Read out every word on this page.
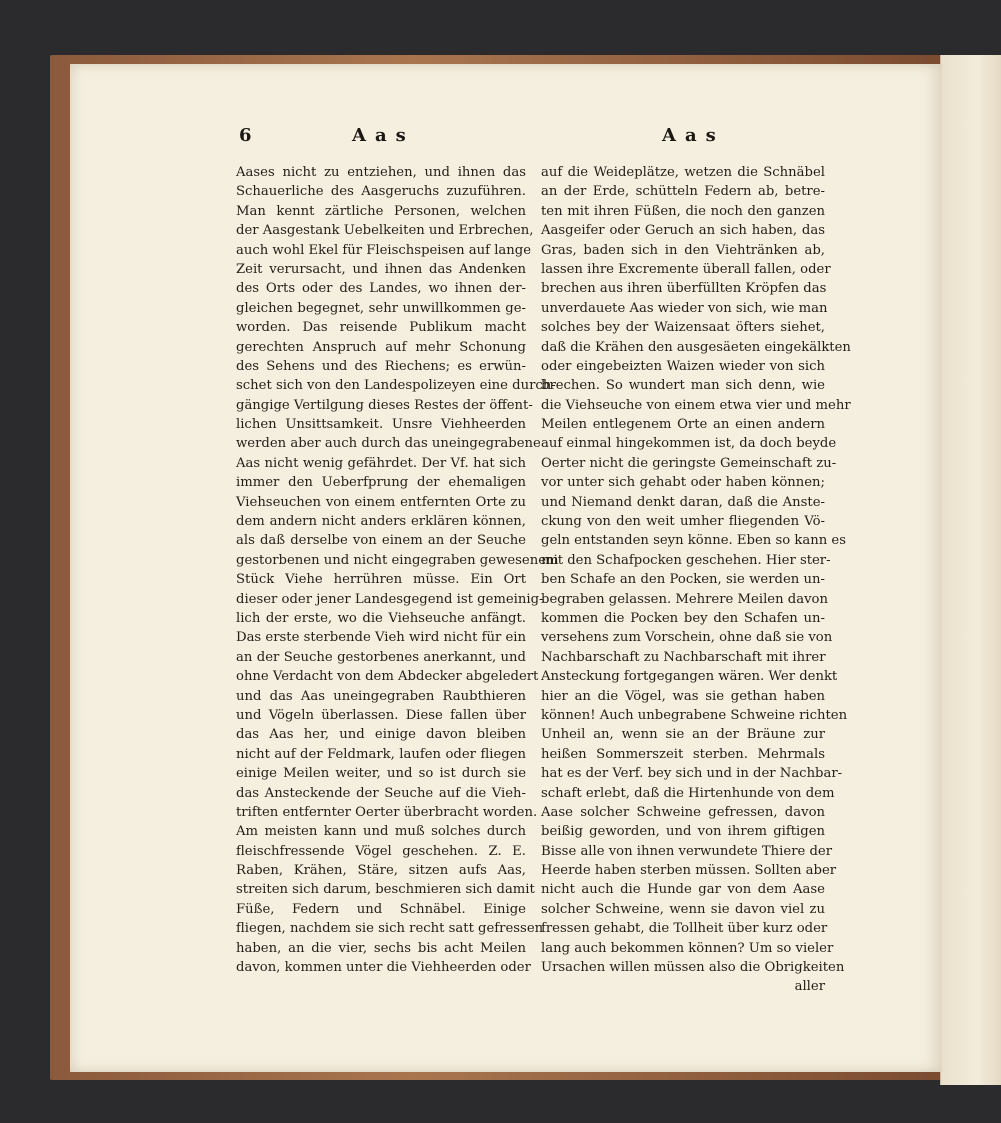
6	Aas	Aas
Aases nicht zu entziehen, und ihnen das
Schauerliche des Aasgeruchs zuzuführen.
Man kennt zärtliche Personen, welchen
der Aasgestank Uebelkeiten und Erbrechen,
auch wohl Ekel für Fleischspeisen auf lange
Zeit verursacht, und ihnen das Andenken
des Orts oder des Landes, wo ihnen der-
gleichen begegnet, sehr unwillkommen ge-
worden. Das reisende Publikum macht
gerechten Anspruch auf mehr Schonung
des Sehens und des Riechens; es erwün-
schet sich von den Landespolizeyen eine durch-
gängige Vertilgung dieses Restes der öffent-
lichen Unsittsamkeit. Unsre Viehheerden
werden aber auch durch das uneingegrabene
Aas nicht wenig gefährdet. Der Vf. hat sich
immer den Ueberfprung der ehemaligen
Viehseuchen von einem entfernten Orte zu
dem andern nicht anders erklären können,
als daß derselbe von einem an der Seuche
gestorbenen und nicht eingegraben gewesenem
Stück Viehe herrühren müsse. Ein Ort
dieser oder jener Landesgegend ist gemeinig-
lich der erste, wo die Viehseuche anfängt.
Das erste sterbende Vieh wird nicht für ein
an der Seuche gestorbenes anerkannt, und
ohne Verdacht von dem Abdecker abgeledert
und das Aas uneingegraben Raubthieren
und Vögeln überlassen. Diese fallen über
das Aas her, und einige davon bleiben
nicht auf der Feldmark, laufen oder fliegen
einige Meilen weiter, und so ist durch sie
das Ansteckende der Seuche auf die Vieh-
triften entfernter Oerter überbracht worden.
Am meisten kann und muß solches durch
fleischfressende Vögel geschehen. Z. E.
Raben, Krähen, Stäre, sitzen aufs Aas,
streiten sich darum, beschmieren sich damit
Füße, Federn und Schnäbel. Einige
fliegen, nachdem sie sich recht satt gefressen
haben, an die vier, sechs bis acht Meilen
davon, kommen unter die Viehheerden oder
auf die Weideplätze, wetzen die Schnäbel
an der Erde, schütteln Federn ab, betre-
ten mit ihren Füßen, die noch den ganzen
Aasgeifer oder Geruch an sich haben, das
Gras, baden sich in den Viehtränken ab,
lassen ihre Excremente überall fallen, oder
brechen aus ihren überfüllten Kröpfen das
unverdauete Aas wieder von sich, wie man
solches bey der Waizensaat öfters siehet,
daß die Krähen den ausgesäeten eingekälkten
oder eingebeizten Waizen wieder von sich
brechen. So wundert man sich denn, wie
die Viehseuche von einem etwa vier und mehr
Meilen entlegenem Orte an einen andern
auf einmal hingekommen ist, da doch beyde
Oerter nicht die geringste Gemeinschaft zu-
vor unter sich gehabt oder haben können;
und Niemand denkt daran, daß die Anste-
ckung von den weit umher fliegenden Vö-
geln entstanden seyn könne. Eben so kann es
mit den Schafpocken geschehen. Hier ster-
ben Schafe an den Pocken, sie werden un-
begraben gelassen. Mehrere Meilen davon
kommen die Pocken bey den Schafen un-
versehens zum Vorschein, ohne daß sie von
Nachbarschaft zu Nachbarschaft mit ihrer
Ansteckung fortgegangen wären. Wer denkt
hier an die Vögel, was sie gethan haben
können! Auch unbegrabene Schweine richten
Unheil an, wenn sie an der Bräune zur
heißen Sommerszeit sterben. Mehrmals
hat es der Verf. bey sich und in der Nachbar-
schaft erlebt, daß die Hirtenhunde von dem
Aase solcher Schweine gefressen, davon
beißig geworden, und von ihrem giftigen
Bisse alle von ihnen verwundete Thiere der
Heerde haben sterben müssen. Sollten aber
nicht auch die Hunde gar von dem Aase
solcher Schweine, wenn sie davon viel zu
fressen gehabt, die Tollheit über kurz oder
lang auch bekommen können? Um so vieler
Ursachen willen müssen also die Obrigkeiten
aller
